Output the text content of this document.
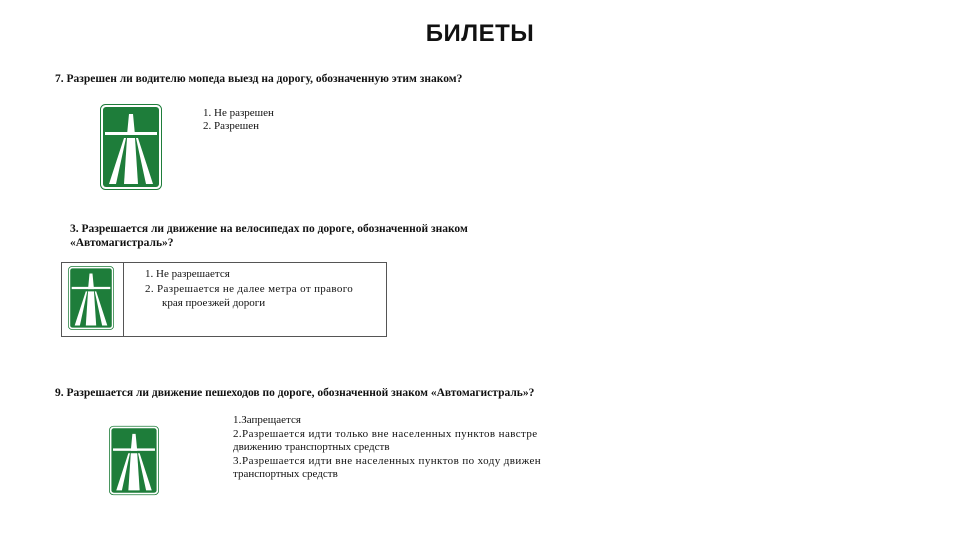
БИЛЕТЫ
7. Разрешен ли водителю мопеда выезд на дорогу, обозначенную этим знаком?
1. Не разрешен
2. Разрешен
3. Разрешается ли движение на велосипедах по дороге, обозначенной знаком
«Автомагистраль»?
1. Не разрешается
2. Разрешается не далее метра от правого
края проезжей дороги
9. Разрешается ли движение пешеходов по дороге, обозначенной знаком «Автомагистраль»?
1.Запрещается
2.Разрешается идти только вне населенных пунктов навстре
движению транспортных средств
3.Разрешается идти вне населенных пунктов по ходу движен
транспортных средств
